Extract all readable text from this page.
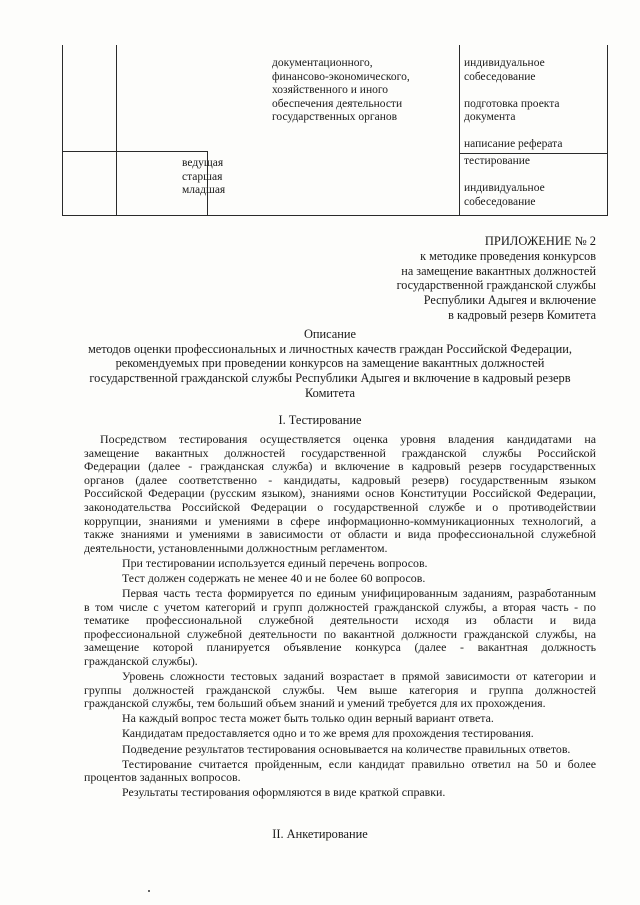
документационного,

финансово-экономического,

хозяйственного и иного

обеспечения деятельности

государственных органов

индивидуальное

собеседование

подготовка проекта

документа

написание реферата

ведущая

старшая

младшая

тестирование

индивидуальное

собеседование

ПРИЛОЖЕНИЕ № 2
к методике проведения конкурсов
на замещение вакантных должностей
государственной гражданской службы
Республики Адыгея и включение
в кадровый резерв Комитета
Описание
методов оценки профессиональных и личностных качеств граждан Российской Федерации,
рекомендуемых при проведении конкурсов на замещение вакантных должностей
государственной гражданской службы Республики Адыгея и включение в кадровый резерв
Комитета
I. Тестирование

Посредством тестирования осуществляется оценка уровня владения кандидатами на
замещение вакантных должностей государственной гражданской службы Российской
Федерации (далее - гражданская служба) и включение в кадровый резерв государственных
органов (далее соответственно - кандидаты, кадровый резерв) государственным языком
Российской Федерации (русским языком), знаниями основ Конституции Российской Федерации,
законодательства Российской Федерации о государственной службе и о противодействии
коррупции, знаниями и умениями в сфере информационно-коммуникационных технологий, а
также знаниями и умениями в зависимости от области и вида профессиональной служебной
деятельности, установленными должностным регламентом.

При тестировании используется единый перечень вопросов.

Тест должен содержать не менее 40 и не более 60 вопросов.

Первая часть теста формируется по единым унифицированным заданиям, разработанным
в том числе с учетом категорий и групп должностей гражданской службы, а вторая часть - по
тематике профессиональной служебной деятельности исходя из области и вида
профессиональной служебной деятельности по вакантной должности гражданской службы, на
замещение которой планируется объявление конкурса (далее - вакантная должность
гражданской службы).

Уровень сложности тестовых заданий возрастает в прямой зависимости от категории и
группы должностей гражданской службы. Чем выше категория и группа должностей
гражданской службы, тем больший объем знаний и умений требуется для их прохождения.

На каждый вопрос теста может быть только один верный вариант ответа.

Кандидатам предоставляется одно и то же время для прохождения тестирования.

Подведение результатов тестирования основывается на количестве правильных ответов.

Тестирование считается пройденным, если кандидат правильно ответил на 50 и более
процентов заданных вопросов.

Результаты тестирования оформляются в виде краткой справки.

II. Анкетирование
